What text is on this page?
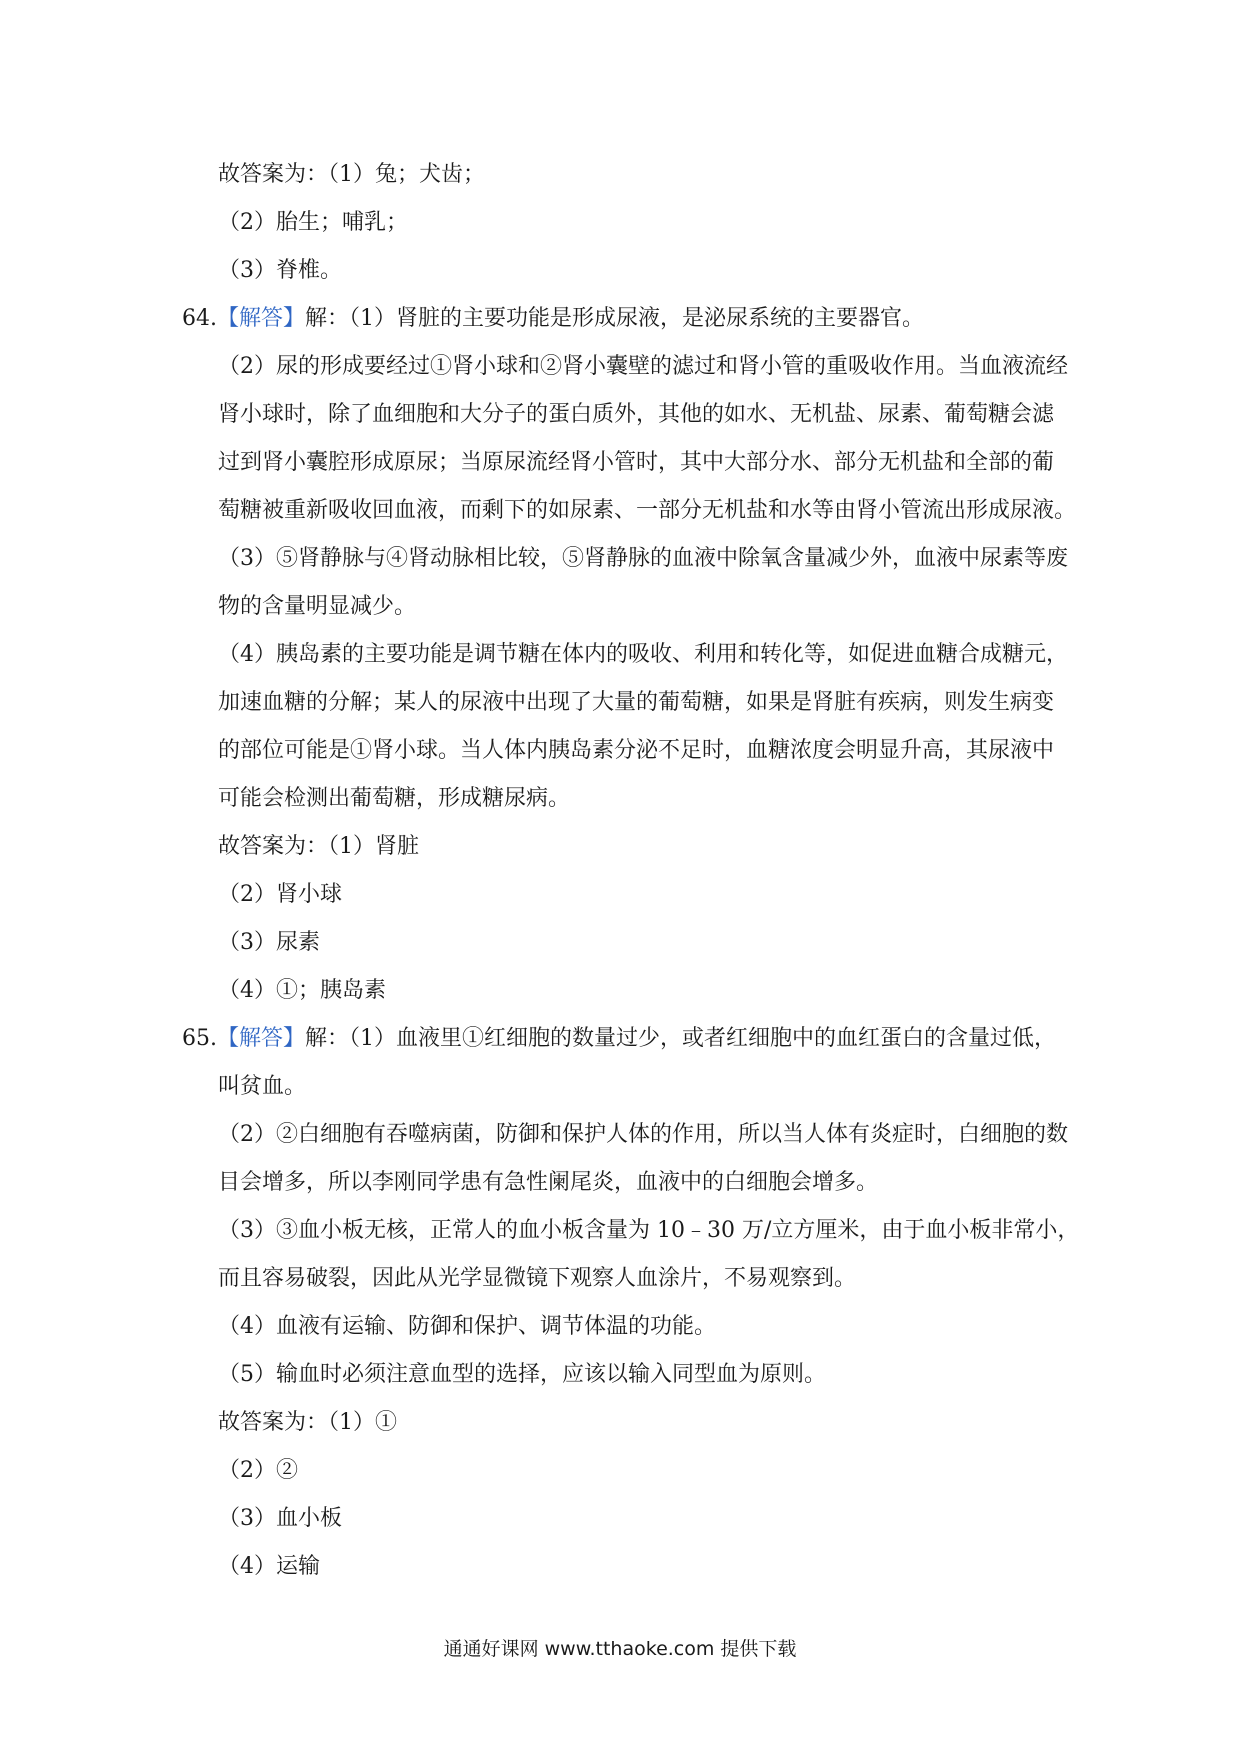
故答案为：（1）兔；犬齿；
（2）胎生；哺乳；
（3）脊椎。
64.【解答】解：（1）肾脏的主要功能是形成尿液，是泌尿系统的主要器官。
（2）尿的形成要经过①肾小球和②肾小囊壁的滤过和肾小管的重吸收作用。当血液流经
肾小球时，除了血细胞和大分子的蛋白质外，其他的如水、无机盐、尿素、葡萄糖会滤
过到肾小囊腔形成原尿；当原尿流经肾小管时，其中大部分水、部分无机盐和全部的葡
萄糖被重新吸收回血液，而剩下的如尿素、一部分无机盐和水等由肾小管流出形成尿液。
（3）⑤肾静脉与④肾动脉相比较，⑤肾静脉的血液中除氧含量减少外，血液中尿素等废
物的含量明显减少。
（4）胰岛素的主要功能是调节糖在体内的吸收、利用和转化等，如促进血糖合成糖元，
加速血糖的分解；某人的尿液中出现了大量的葡萄糖，如果是肾脏有疾病，则发生病变
的部位可能是①肾小球。当人体内胰岛素分泌不足时，血糖浓度会明显升高，其尿液中
可能会检测出葡萄糖，形成糖尿病。
故答案为：（1）肾脏
（2）肾小球
（3）尿素
（4）①；胰岛素
65.【解答】解：（1）血液里①红细胞的数量过少，或者红细胞中的血红蛋白的含量过低，
叫贫血。
（2）②白细胞有吞噬病菌，防御和保护人体的作用，所以当人体有炎症时，白细胞的数
目会增多，所以李刚同学患有急性阑尾炎，血液中的白细胞会增多。
（3）③血小板无核，正常人的血小板含量为 10﹣30 万/立方厘米，由于血小板非常小，
而且容易破裂，因此从光学显微镜下观察人血涂片，不易观察到。
（4）血液有运输、防御和保护、调节体温的功能。
（5）输血时必须注意血型的选择，应该以输入同型血为原则。
故答案为：（1）①
（2）②
（3）血小板
（4）运输
通通好课网 www.tthaoke.com 提供下载
